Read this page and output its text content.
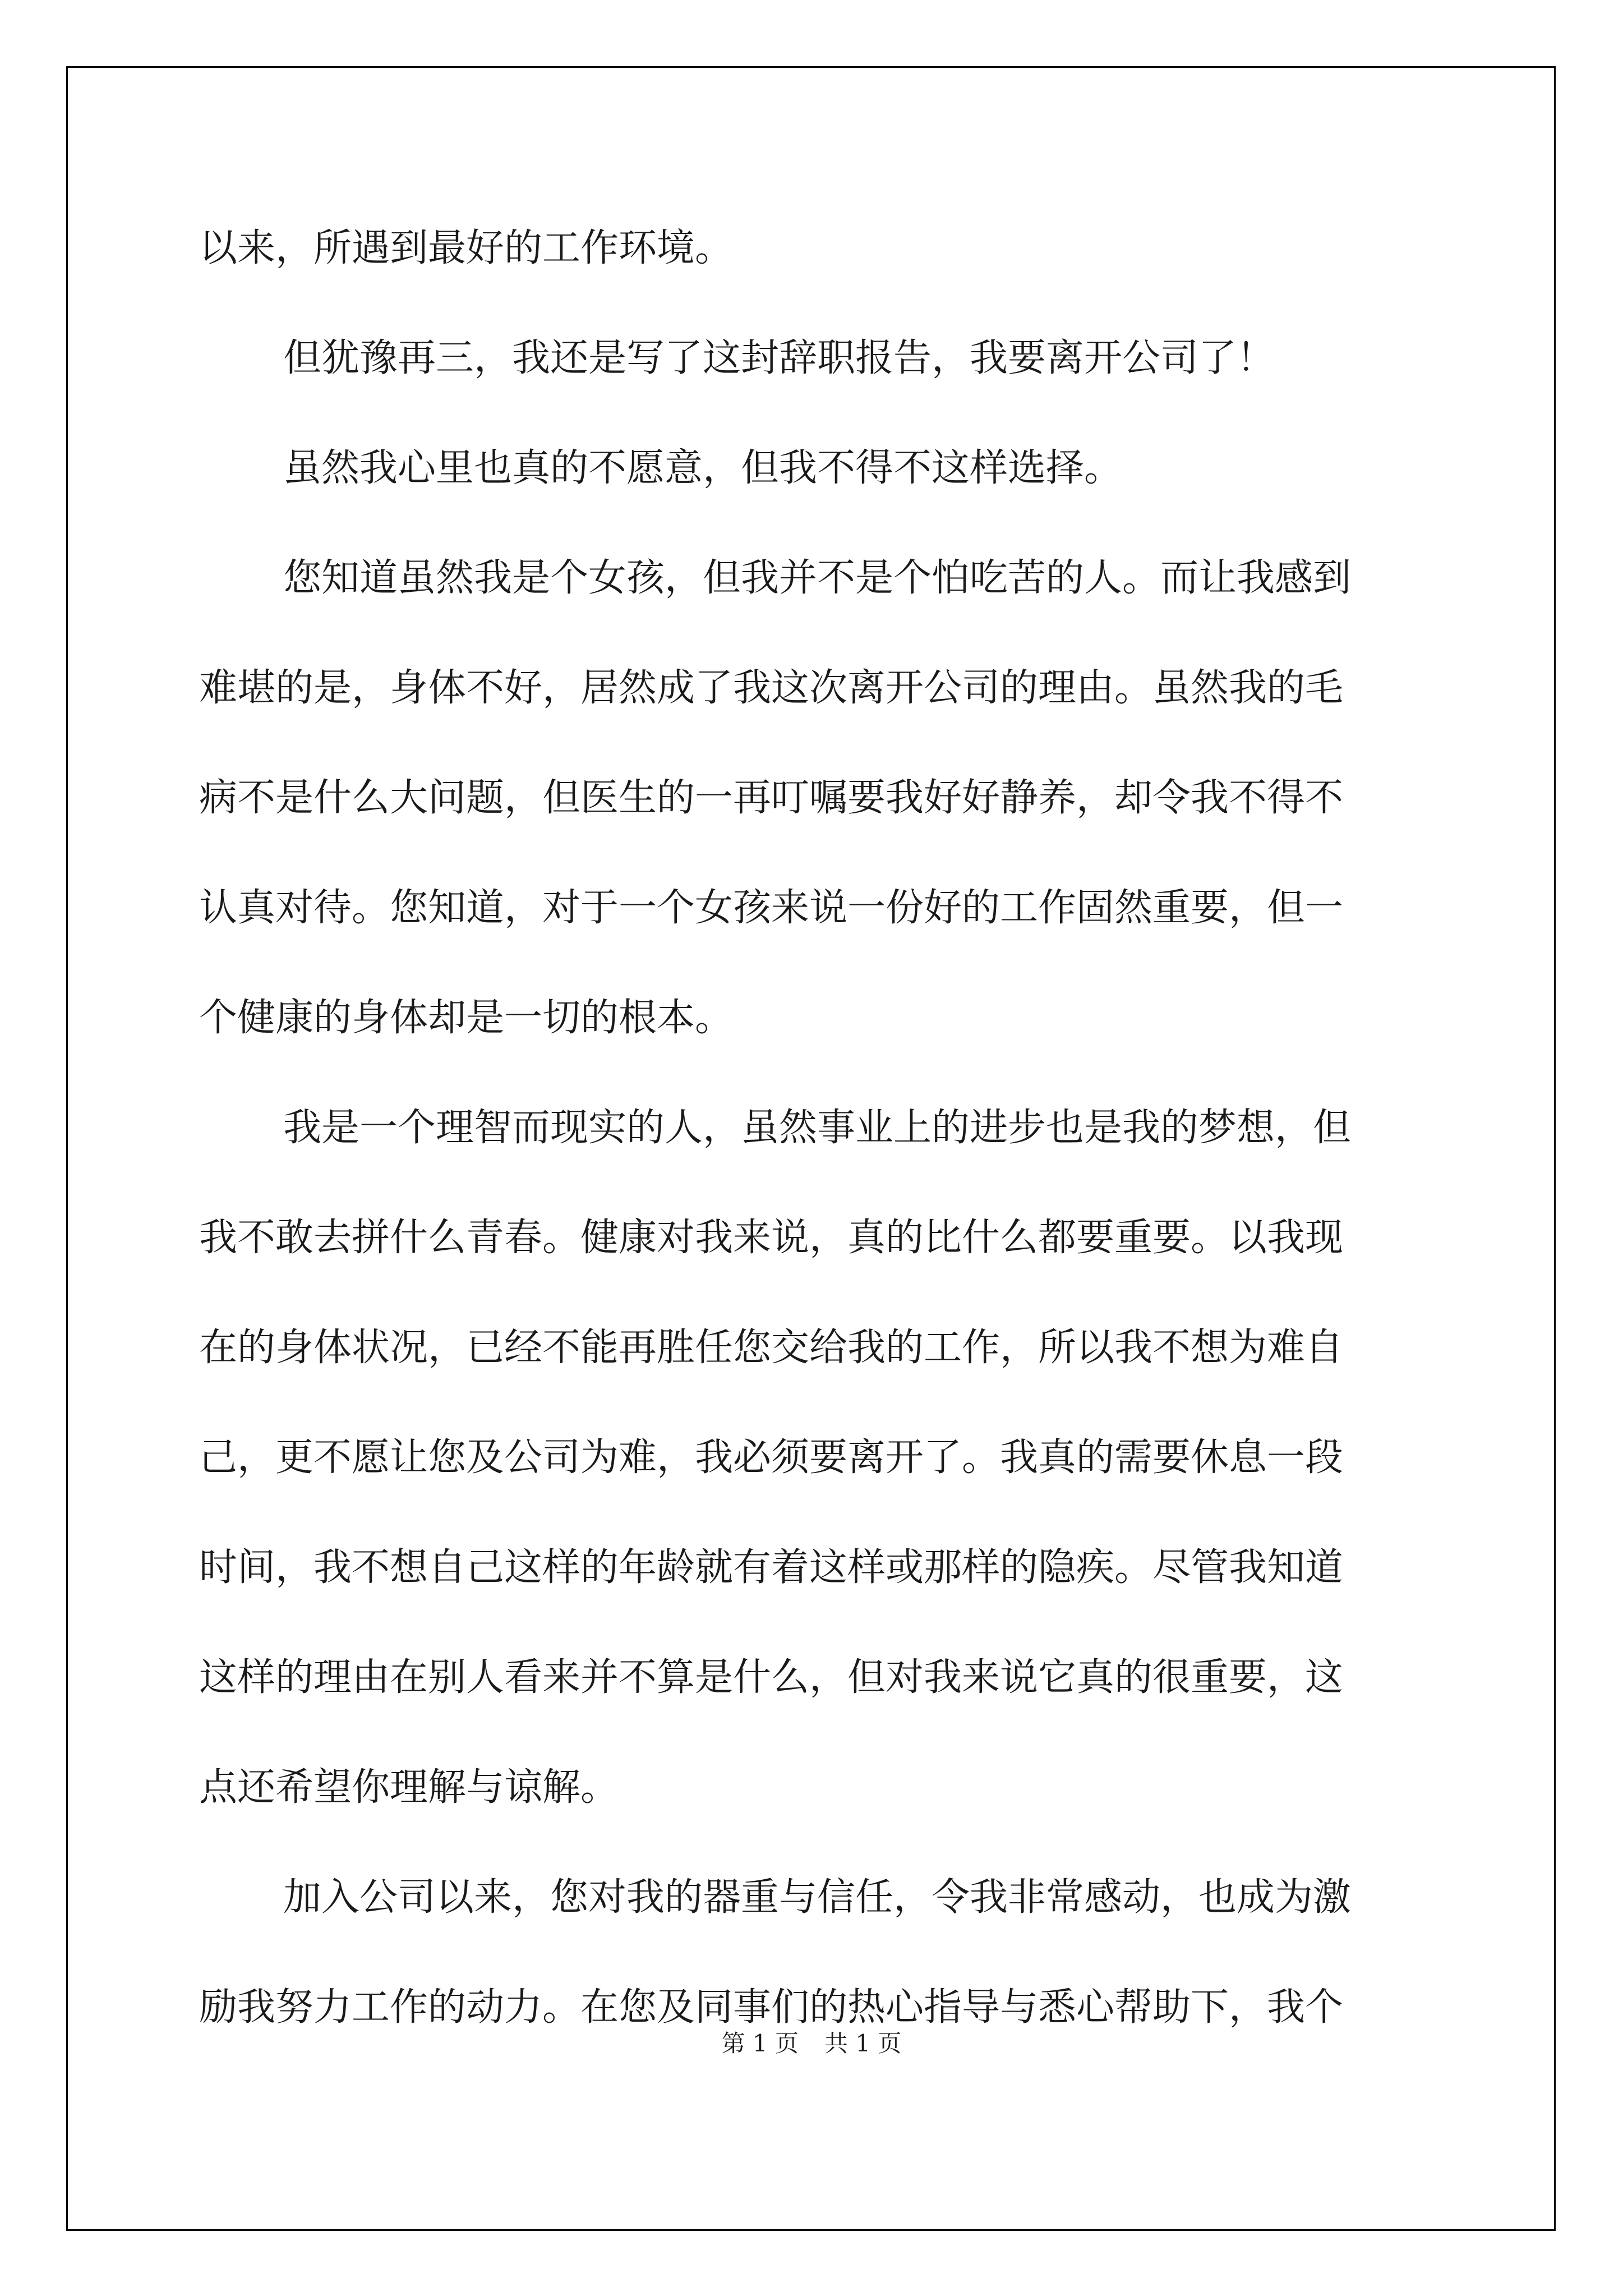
以来，所遇到最好的工作环境。
但犹豫再三，我还是写了这封辞职报告，我要离开公司了！
虽然我心里也真的不愿意，但我不得不这样选择。
您知道虽然我是个女孩，但我并不是个怕吃苦的人。而让我感到
难堪的是，身体不好，居然成了我这次离开公司的理由。虽然我的毛
病不是什么大问题，但医生的一再叮嘱要我好好静养，却令我不得不
认真对待。您知道，对于一个女孩来说一份好的工作固然重要，但一
个健康的身体却是一切的根本。
我是一个理智而现实的人，虽然事业上的进步也是我的梦想，但
我不敢去拼什么青春。健康对我来说，真的比什么都要重要。以我现
在的身体状况，已经不能再胜任您交给我的工作，所以我不想为难自
己，更不愿让您及公司为难，我必须要离开了。我真的需要休息一段
时间，我不想自己这样的年龄就有着这样或那样的隐疾。尽管我知道
这样的理由在别人看来并不算是什么，但对我来说它真的很重要，这
点还希望你理解与谅解。
加入公司以来，您对我的器重与信任，令我非常感动，也成为激
励我努力工作的动力。在您及同事们的热心指导与悉心帮助下，我个
第 1 页 共 1 页
